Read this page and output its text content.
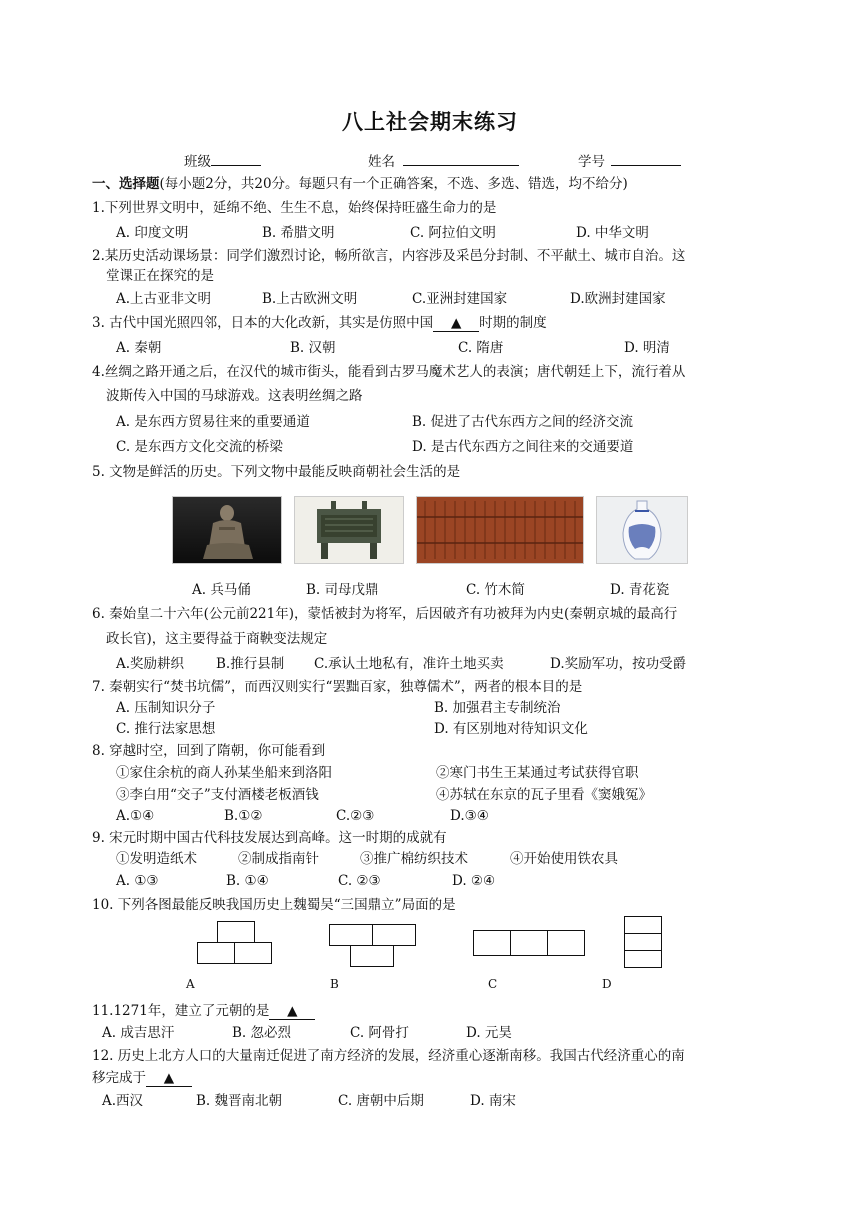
八上社会期末练习
班级	姓名	学号
一、选择题(每小题2分，共20分。每题只有一个正确答案，不选、多选、错选，均不给分)
1.下列世界文明中，延绵不绝、生生不息，始终保持旺盛生命力的是
A. 印度文明	B. 希腊文明	C. 阿拉伯文明	D. 中华文明
2.某历史活动课场景：同学们激烈讨论，畅所欲言，内容涉及采邑分封制、不平献土、城市自治。这
堂课正在探究的是
A.上古亚非文明	B.上古欧洲文明	C.亚洲封建国家	D.欧洲封建国家
3. 古代中国光照四邻，日本的大化改新，其实是仿照中国 ▲ 时期的制度
A. 秦朝	B. 汉朝	C. 隋唐	D. 明清
4.丝绸之路开通之后，在汉代的城市街头，能看到古罗马魔术艺人的表演；唐代朝廷上下，流行着从
波斯传入中国的马球游戏。这表明丝绸之路
A. 是东西方贸易往来的重要通道	B. 促进了古代东西方之间的经济交流
C. 是东西方文化交流的桥梁	D. 是古代东西方之间往来的交通要道
5. 文物是鲜活的历史。下列文物中最能反映商朝社会生活的是
A. 兵马俑	B. 司母戊鼎	C. 竹木简	D. 青花瓷
6. 秦始皇二十六年(公元前221年)，蒙恬被封为将军，后因破齐有功被拜为内史(秦朝京城的最高行
政长官)，这主要得益于商鞅变法规定
A.奖励耕织 B.推行县制 C.承认土地私有，准许土地买卖	D.奖励军功，按功受爵
7. 秦朝实行“焚书坑儒”，而西汉则实行“罢黜百家，独尊儒术”，两者的根本目的是
A. 压制知识分子	B. 加强君主专制统治
C. 推行法家思想	D. 有区别地对待知识文化
8. 穿越时空，回到了隋朝，你可能看到
①家住余杭的商人孙某坐船来到洛阳	②寒门书生王某通过考试获得官职
③李白用“交子”支付酒楼老板酒钱	④苏轼在东京的瓦子里看《窦娥冤》
A.①④	B.①②	C.②③	D.③④
9. 宋元时期中国古代科技发展达到高峰。这一时期的成就有
①发明造纸术	②制成指南针	③推广棉纺织技术	④开始使用铁农具
A. ①③	B. ①④	C. ②③	D. ②④
10. 下列各图最能反映我国历史上魏蜀吴“三国鼎立”局面的是
A	B	C	D
11.1271年，建立了元朝的是 ▲
A. 成吉思汗	B. 忽必烈	C. 阿骨打	D. 元昊
12. 历史上北方人口的大量南迁促进了南方经济的发展，经济重心逐渐南移。我国古代经济重心的南
移完成于 ▲
A.西汉	B. 魏晋南北朝	C. 唐朝中后期	D. 南宋
